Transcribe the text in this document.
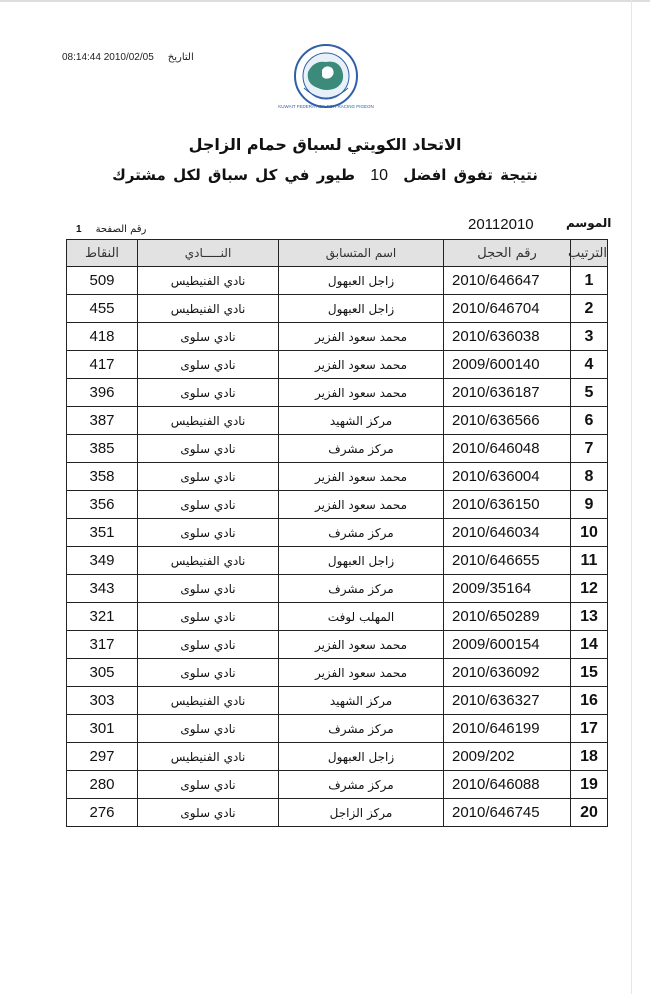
08:14:44 2010/02/05 التاريخ
KUWAIT FEDERATION FOR RACING PIGEON
الاتحاد الكويتي لسباق حمام الزاجل
نتيجة تفوق افضل 10 طيور في كل سباق لكل مشترك
20112010	الموسم
رقم الصفحة
1
الترتيب	رقم الحجل	اسم المتسابق	النـــــادي	النقاط
1	2010/646647	زاجل العبهول	نادي الفنيطيس	509
2	2010/646704	زاجل العبهول	نادي الفنيطيس	455
3	2010/636038	محمد سعود الفزير	نادي سلوى	418
4	2009/600140	محمد سعود الفزير	نادي سلوى	417
5	2010/636187	محمد سعود الفزير	نادي سلوى	396
6	2010/636566	مركز الشهيد	نادي الفنيطيس	387
7	2010/646048	مركز مشرف	نادي سلوى	385
8	2010/636004	محمد سعود الفزير	نادي سلوى	358
9	2010/636150	محمد سعود الفزير	نادي سلوى	356
10	2010/646034	مركز مشرف	نادي سلوى	351
11	2010/646655	زاجل العبهول	نادي الفنيطيس	349
12	2009/35164	مركز مشرف	نادي سلوى	343
13	2010/650289	المهلب لوفت	نادي سلوى	321
14	2009/600154	محمد سعود الفزير	نادي سلوى	317
15	2010/636092	محمد سعود الفزير	نادي سلوى	305
16	2010/636327	مركز الشهيد	نادي الفنيطيس	303
17	2010/646199	مركز مشرف	نادي سلوى	301
18	2009/202	زاجل العبهول	نادي الفنيطيس	297
19	2010/646088	مركز مشرف	نادي سلوى	280
20	2010/646745	مركز الزاجل	نادي سلوى	276
